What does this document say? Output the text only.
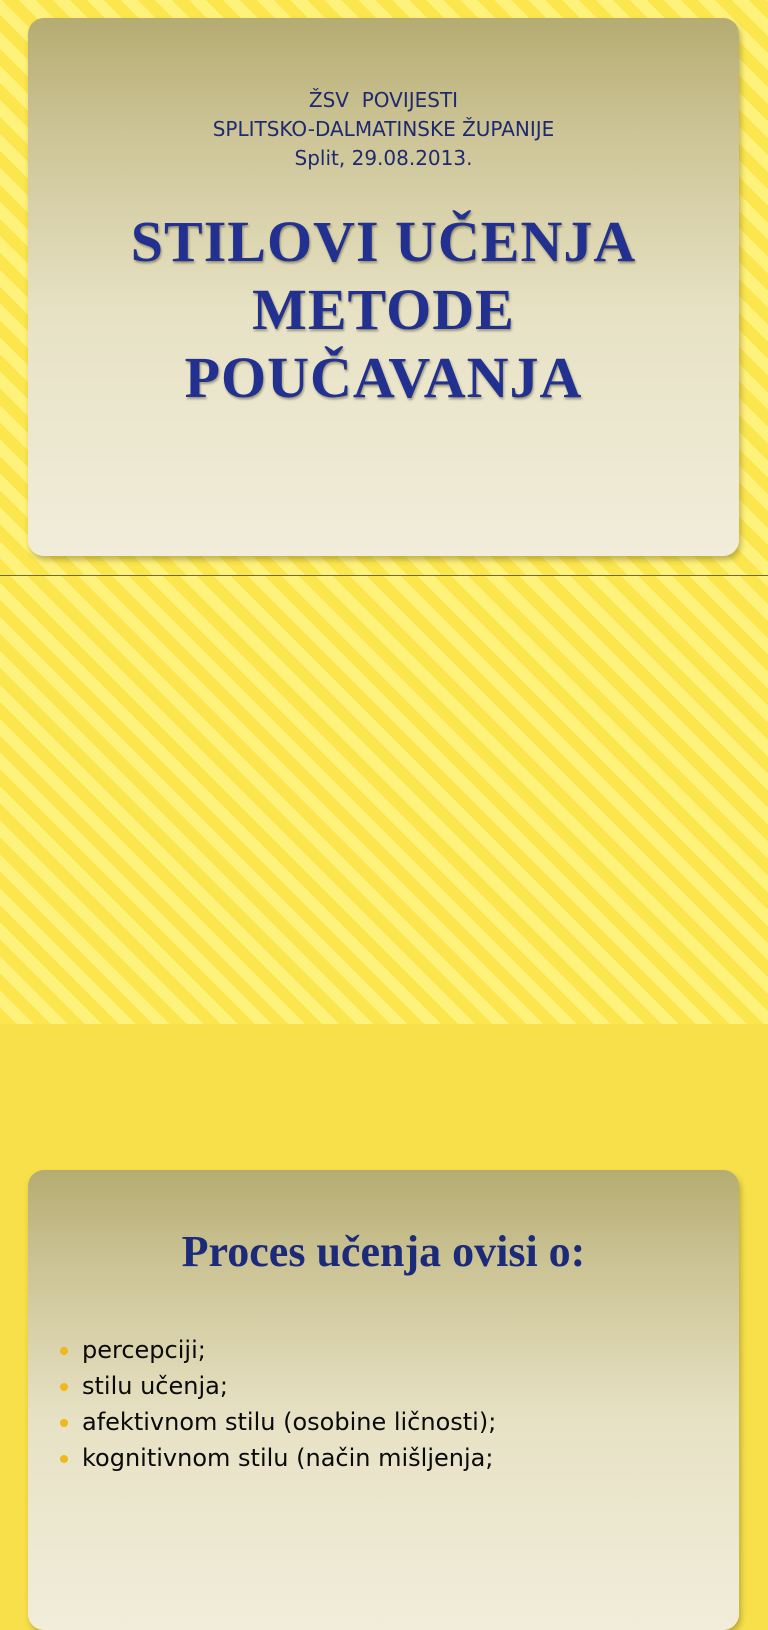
ŽSV  POVIJESTI
SPLITSKO-DALMATINSKE ŽUPANIJE
Split, 29.08.2013.
STILOVI UČENJA
METODE
POUČAVANJA
Proces učenja ovisi o:
percepciji;
stilu učenja;
afektivnom stilu (osobine ličnosti);
kognitivnom stilu (način mišljenja;
